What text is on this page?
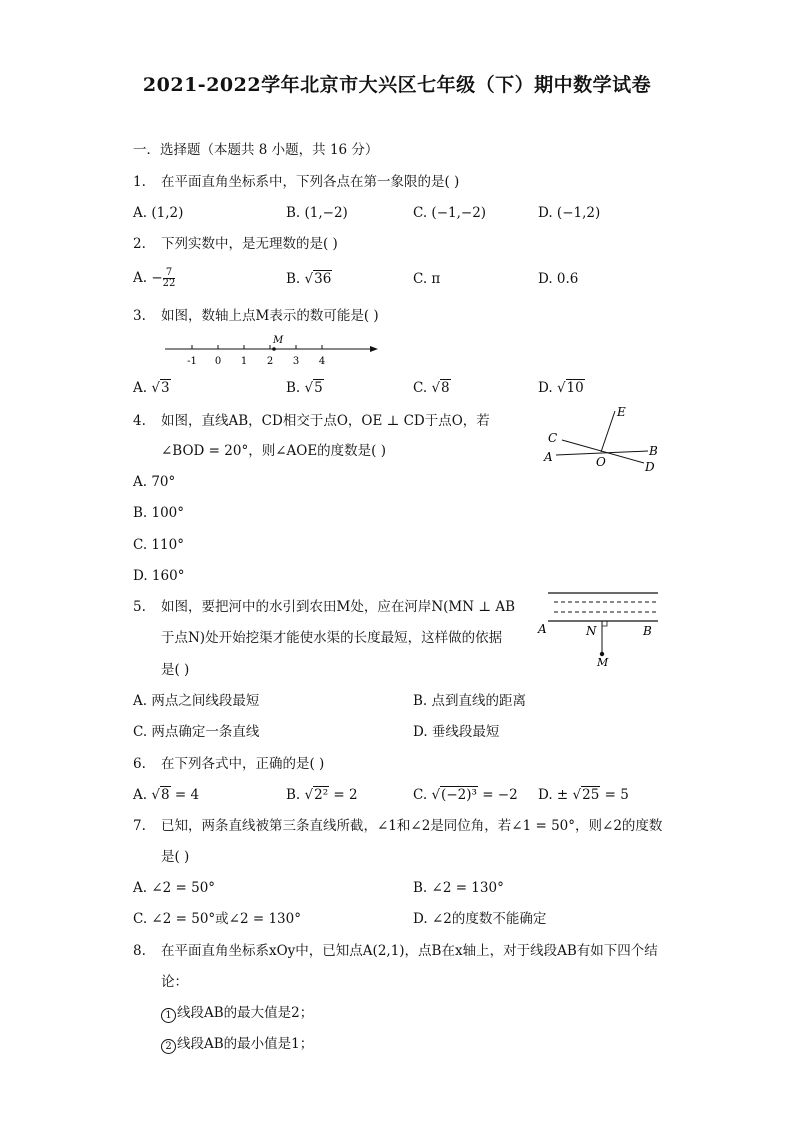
2021-2022学年北京市大兴区七年级（下）期中数学试卷
一．选择题（本题共 8 小题，共 16 分）
1. 在平面直角坐标系中，下列各点在第一象限的是( )
A. (1,2)	B. (1,−2)	C. (−1,−2)	D. (−1,2)
2. 下列实数中，是无理数的是( )
A. − $\frac{7}{22}$	B. √36	C. π	D. 0.6
3. 如图，数轴上点M表示的数可能是( )
-1 0 1 2 3 4
M
A. √3	B. √5	C. √8	D. √10
4. 如图，直线AB，CD相交于点O，OE ⊥ CD于点O，若
∠BOD = 20°，则∠AOE的度数是( )
E
C
B
A	O	D
A. 70°
B. 100°
C. 110°
D. 160°
5. 如图，要把河中的水引到农田M处，应在河岸N(MN ⊥ AB
于点N)处开始挖渠才能使水渠的长度最短，这样做的依据
是( )
A	N	B
M
A. 两点之间线段最短	B. 点到直线的距离
C. 两点确定一条直线	D. 垂线段最短
6. 在下列各式中，正确的是( )
A. √8 = 4	B. √2² = 2	C. √(−2)³ = −2 D. ± √25 = 5
7. 已知，两条直线被第三条直线所截，∠1和∠2是同位角，若∠1 = 50°，则∠2的度数
是( )
A. ∠2 = 50°	B. ∠2 = 130°
C. ∠2 = 50°或∠2 = 130°	D. ∠2的度数不能确定
8. 在平面直角坐标系xOy中，已知点A(2,1)，点B在x轴上，对于线段AB有如下四个结
论：
1 线段AB的最大值是2；
2 线段AB的最小值是1；
